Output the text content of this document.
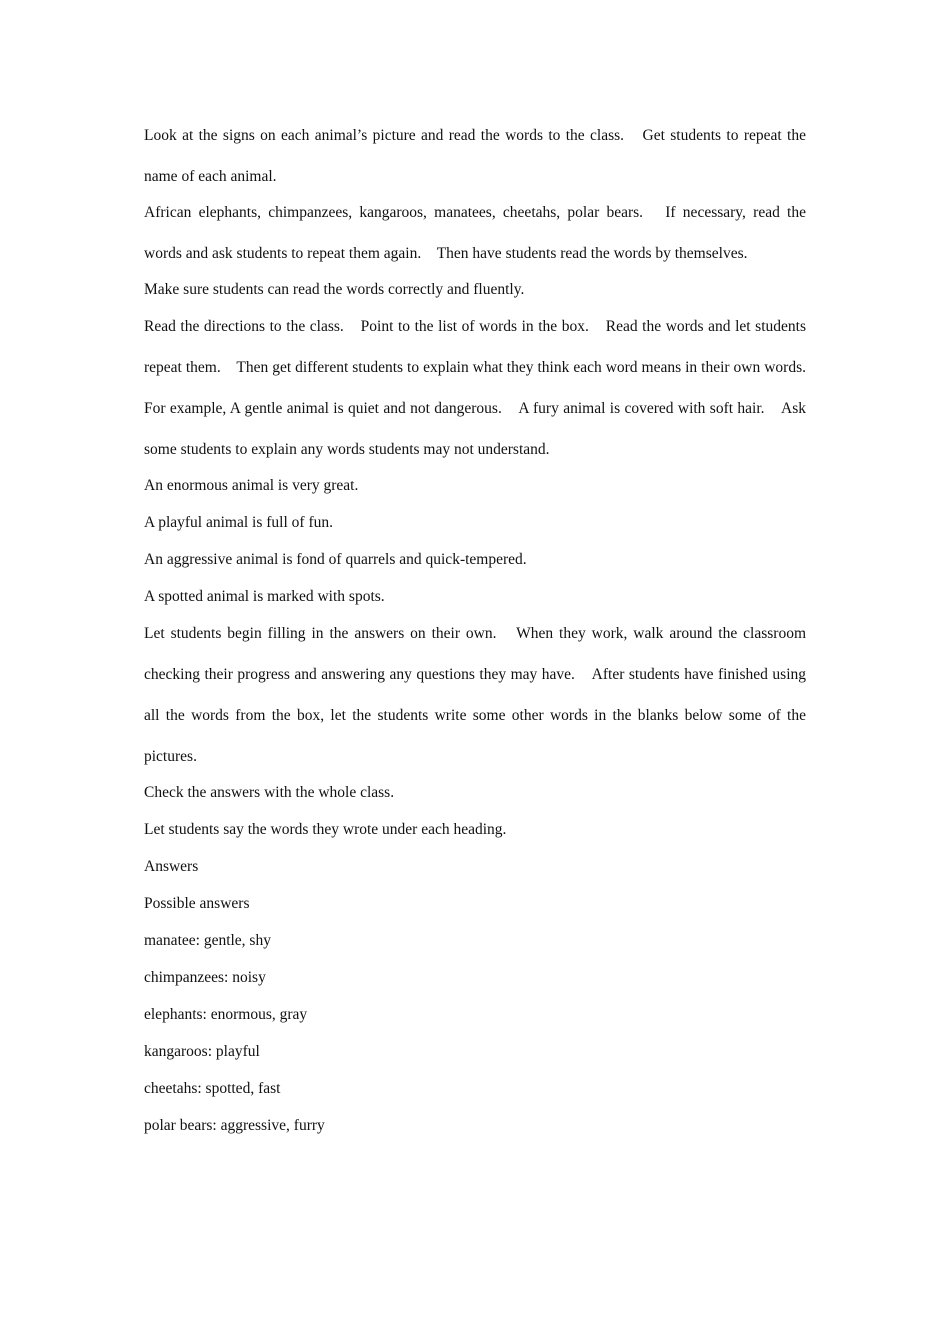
Look at the signs on each animal’s picture and read the words to the class.　Get students to repeat the name of each animal.

African elephants, chimpanzees, kangaroos, manatees, cheetahs, polar bears.　If necessary, read the words and ask students to repeat them again.　Then have students read the words by themselves.

Make sure students can read the words correctly and fluently.

Read the directions to the class.　Point to the list of words in the box.　Read the words and let students repeat them.　Then get different students to explain what they think each word means in their own words.　For example, A gentle animal is quiet and not dangerous.　A fury animal is covered with soft hair.　Ask some students to explain any words students may not understand.

An enormous animal is very great.

A playful animal is full of fun.

An aggressive animal is fond of quarrels and quick-tempered.

A spotted animal is marked with spots.

Let students begin filling in the answers on their own.　When they work, walk around the classroom checking their progress and answering any questions they may have.　After students have finished using all the words from the box, let the students write some other words in the blanks below some of the pictures.

Check the answers with the whole class.

Let students say the words they wrote under each heading.

Answers

Possible answers

manatee: gentle, shy

chimpanzees: noisy

elephants: enormous, gray

kangaroos: playful

cheetahs: spotted, fast

polar bears: aggressive, furry
